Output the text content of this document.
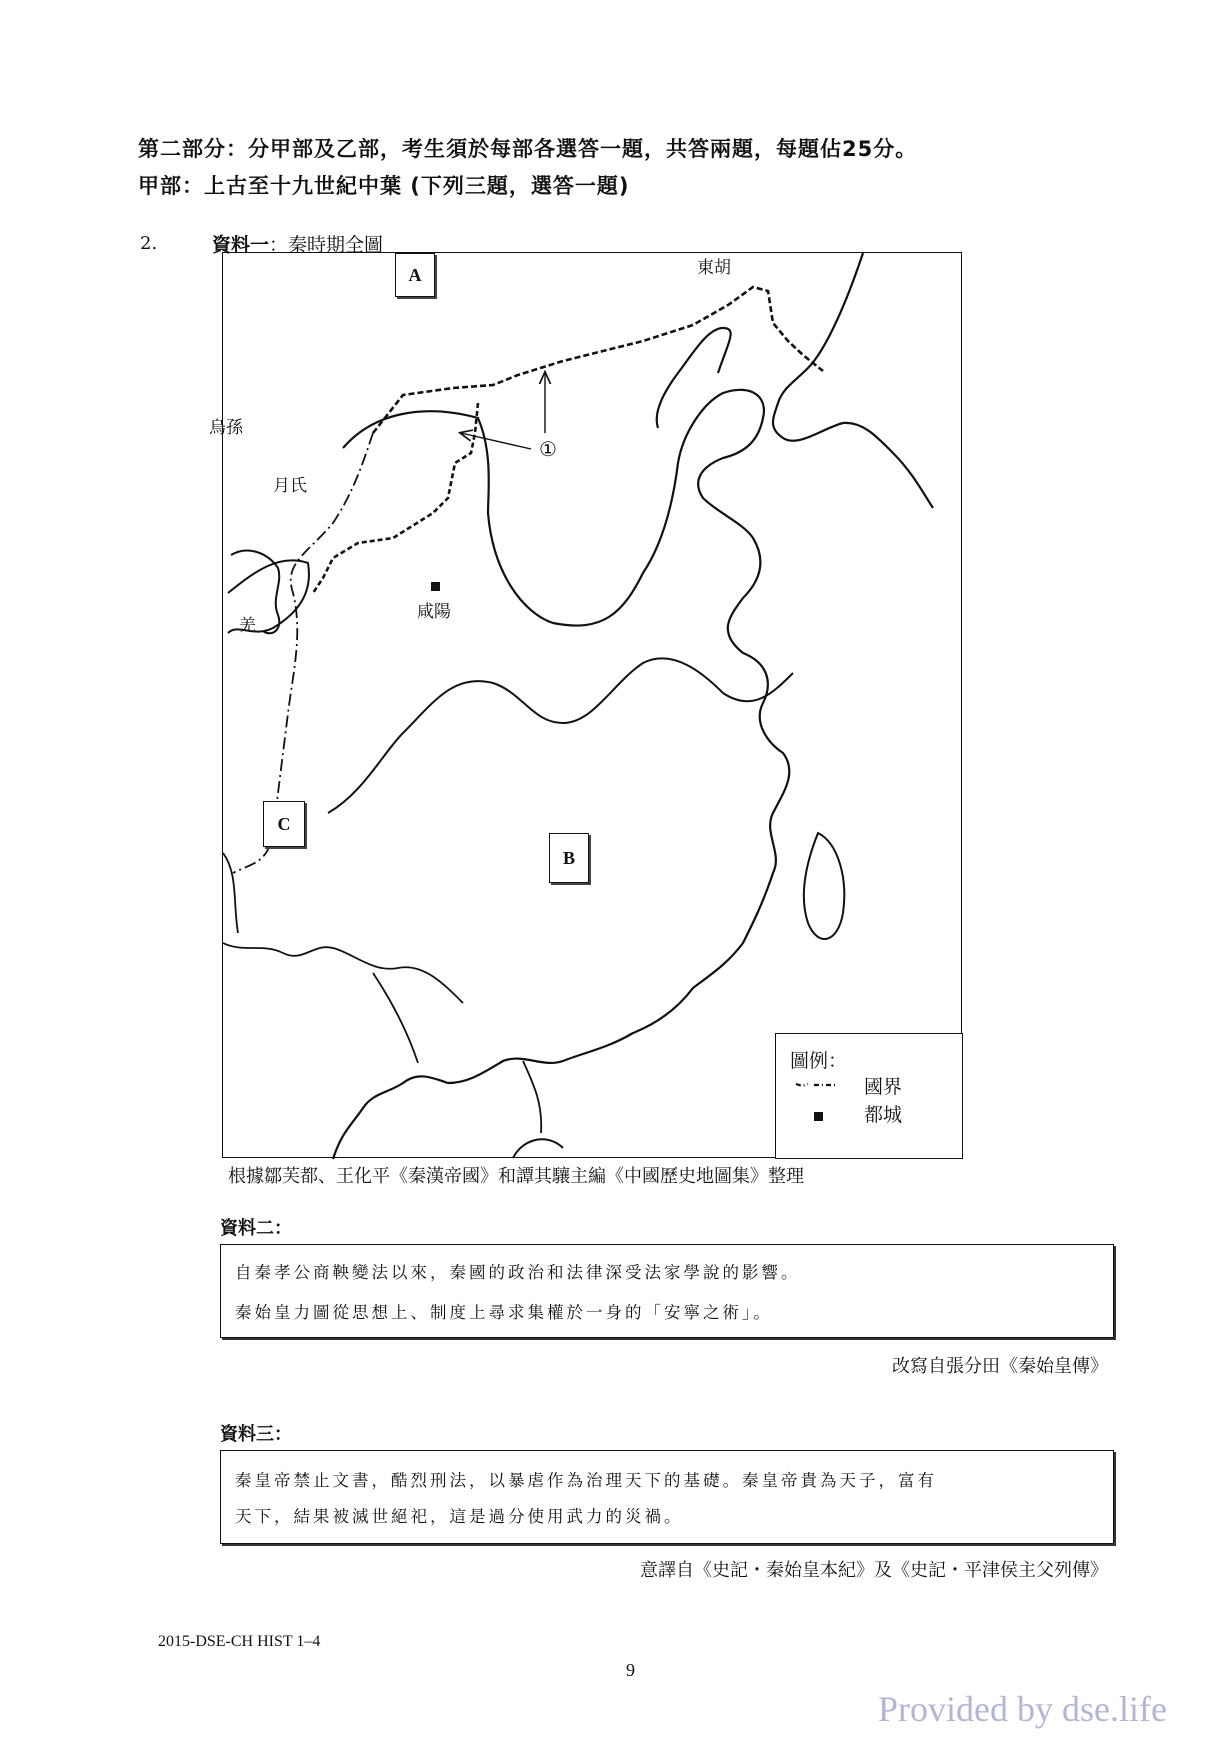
第二部分：分甲部及乙部，考生須於每部各選答一題，共答兩題，每題佔25分。
甲部：上古至十九世紀中葉 (下列三題，選答一題)
2.	資料一：秦時期全圖
A
B
C
東胡
烏孫
月氏
羌
咸陽
①
圖例：
國界
都城
根據鄒芙都、王化平《秦漢帝國》和譚其驤主編《中國歷史地圖集》整理
資料二：

自秦孝公商鞅變法以來，秦國的政治和法律深受法家學說的影響。

秦始皇力圖從思想上、制度上尋求集權於一身的「安寧之術」。

改寫自張分田《秦始皇傳》
資料三：

秦皇帝禁止文書，酷烈刑法，以暴虐作為治理天下的基礎。秦皇帝貴為天子，富有

天下，結果被滅世絕祀，這是過分使用武力的災禍。

意譯自《史記・秦始皇本紀》及《史記・平津侯主父列傳》
2015-DSE-CH HIST 1–4
9
Provided by dse.life
